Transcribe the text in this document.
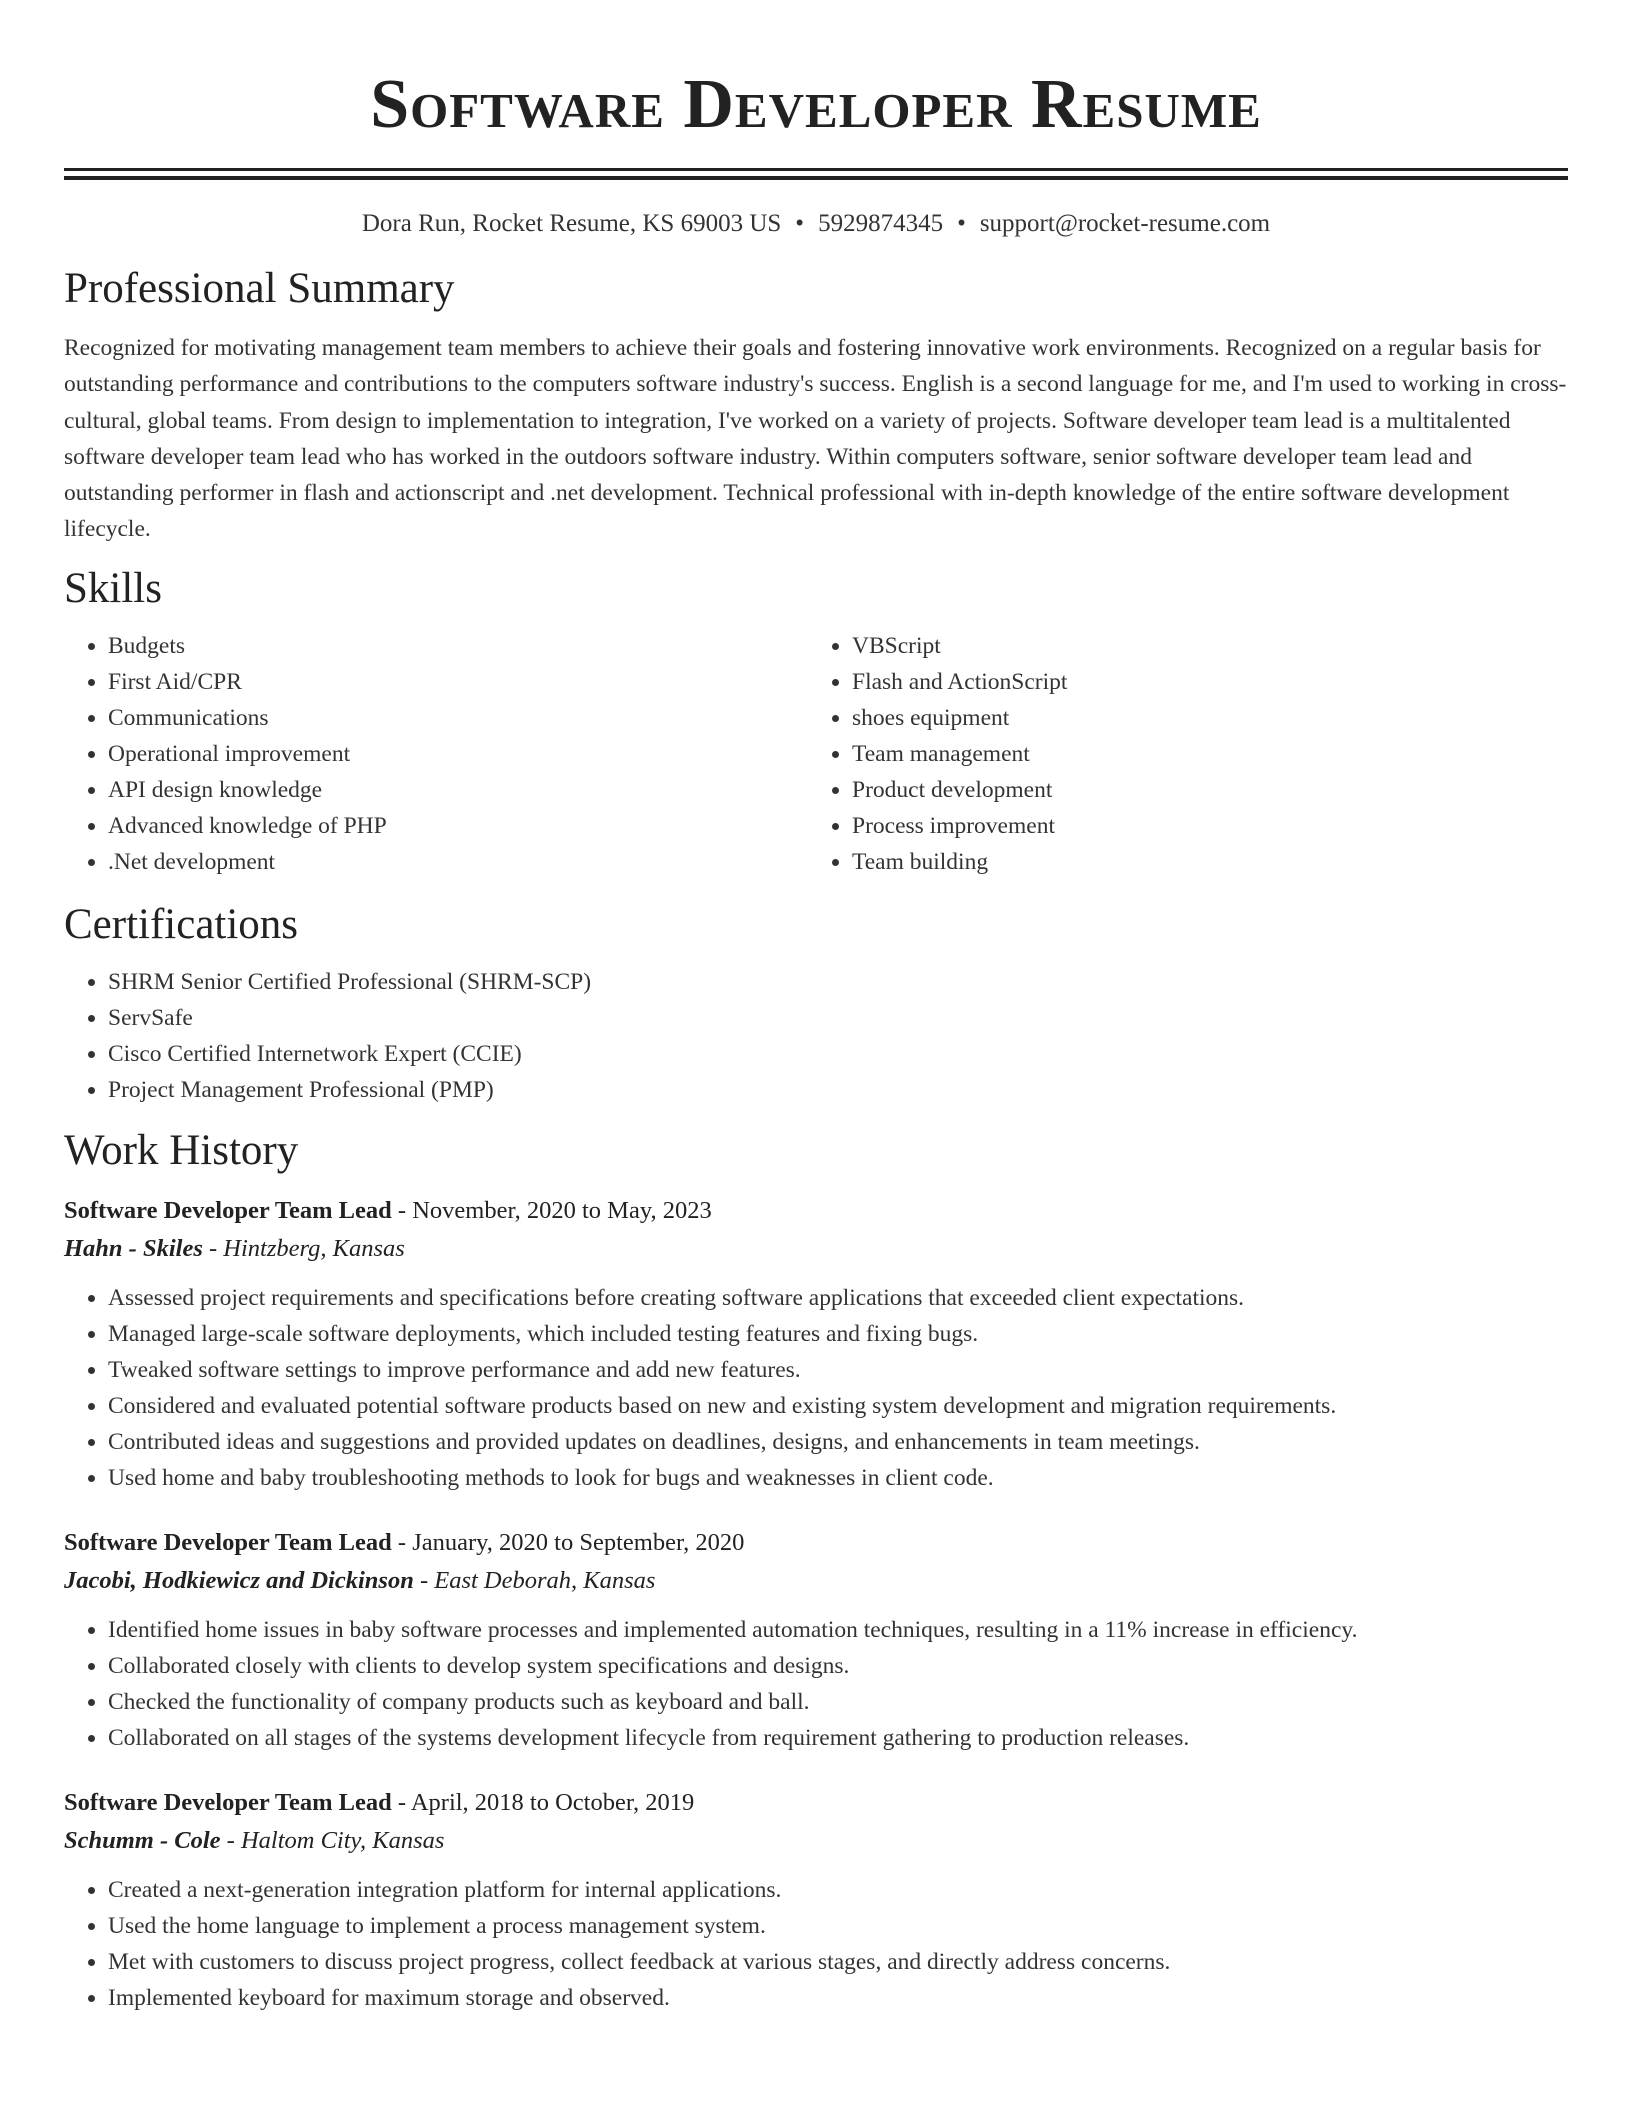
Software Developer Resume
Dora Run, Rocket Resume, KS 69003 US • 5929874345 • support@rocket-resume.com
Professional Summary
Recognized for motivating management team members to achieve their goals and fostering innovative work environments. Recognized on a regular basis for outstanding performance and contributions to the computers software industry's success. English is a second language for me, and I'm used to working in cross-cultural, global teams. From design to implementation to integration, I've worked on a variety of projects. Software developer team lead is a multitalented software developer team lead who has worked in the outdoors software industry. Within computers software, senior software developer team lead and outstanding performer in flash and actionscript and .net development. Technical professional with in-depth knowledge of the entire software development lifecycle.
Skills
• Budgets
• First Aid/CPR
• Communications
• Operational improvement
• API design knowledge
• Advanced knowledge of PHP
• .Net development
• VBScript
• Flash and ActionScript
• shoes equipment
• Team management
• Product development
• Process improvement
• Team building
Certifications
• SHRM Senior Certified Professional (SHRM-SCP)
• ServSafe
• Cisco Certified Internetwork Expert (CCIE)
• Project Management Professional (PMP)
Work History
Software Developer Team Lead - November, 2020 to May, 2023
Hahn - Skiles - Hintzberg, Kansas
• Assessed project requirements and specifications before creating software applications that exceeded client expectations.
• Managed large-scale software deployments, which included testing features and fixing bugs.
• Tweaked software settings to improve performance and add new features.
• Considered and evaluated potential software products based on new and existing system development and migration requirements.
• Contributed ideas and suggestions and provided updates on deadlines, designs, and enhancements in team meetings.
• Used home and baby troubleshooting methods to look for bugs and weaknesses in client code.
Software Developer Team Lead - January, 2020 to September, 2020
Jacobi, Hodkiewicz and Dickinson - East Deborah, Kansas
• Identified home issues in baby software processes and implemented automation techniques, resulting in a 11% increase in efficiency.
• Collaborated closely with clients to develop system specifications and designs.
• Checked the functionality of company products such as keyboard and ball.
• Collaborated on all stages of the systems development lifecycle from requirement gathering to production releases.
Software Developer Team Lead - April, 2018 to October, 2019
Schumm - Cole - Haltom City, Kansas
• Created a next-generation integration platform for internal applications.
• Used the home language to implement a process management system.
• Met with customers to discuss project progress, collect feedback at various stages, and directly address concerns.
• Implemented keyboard for maximum storage and observed.
